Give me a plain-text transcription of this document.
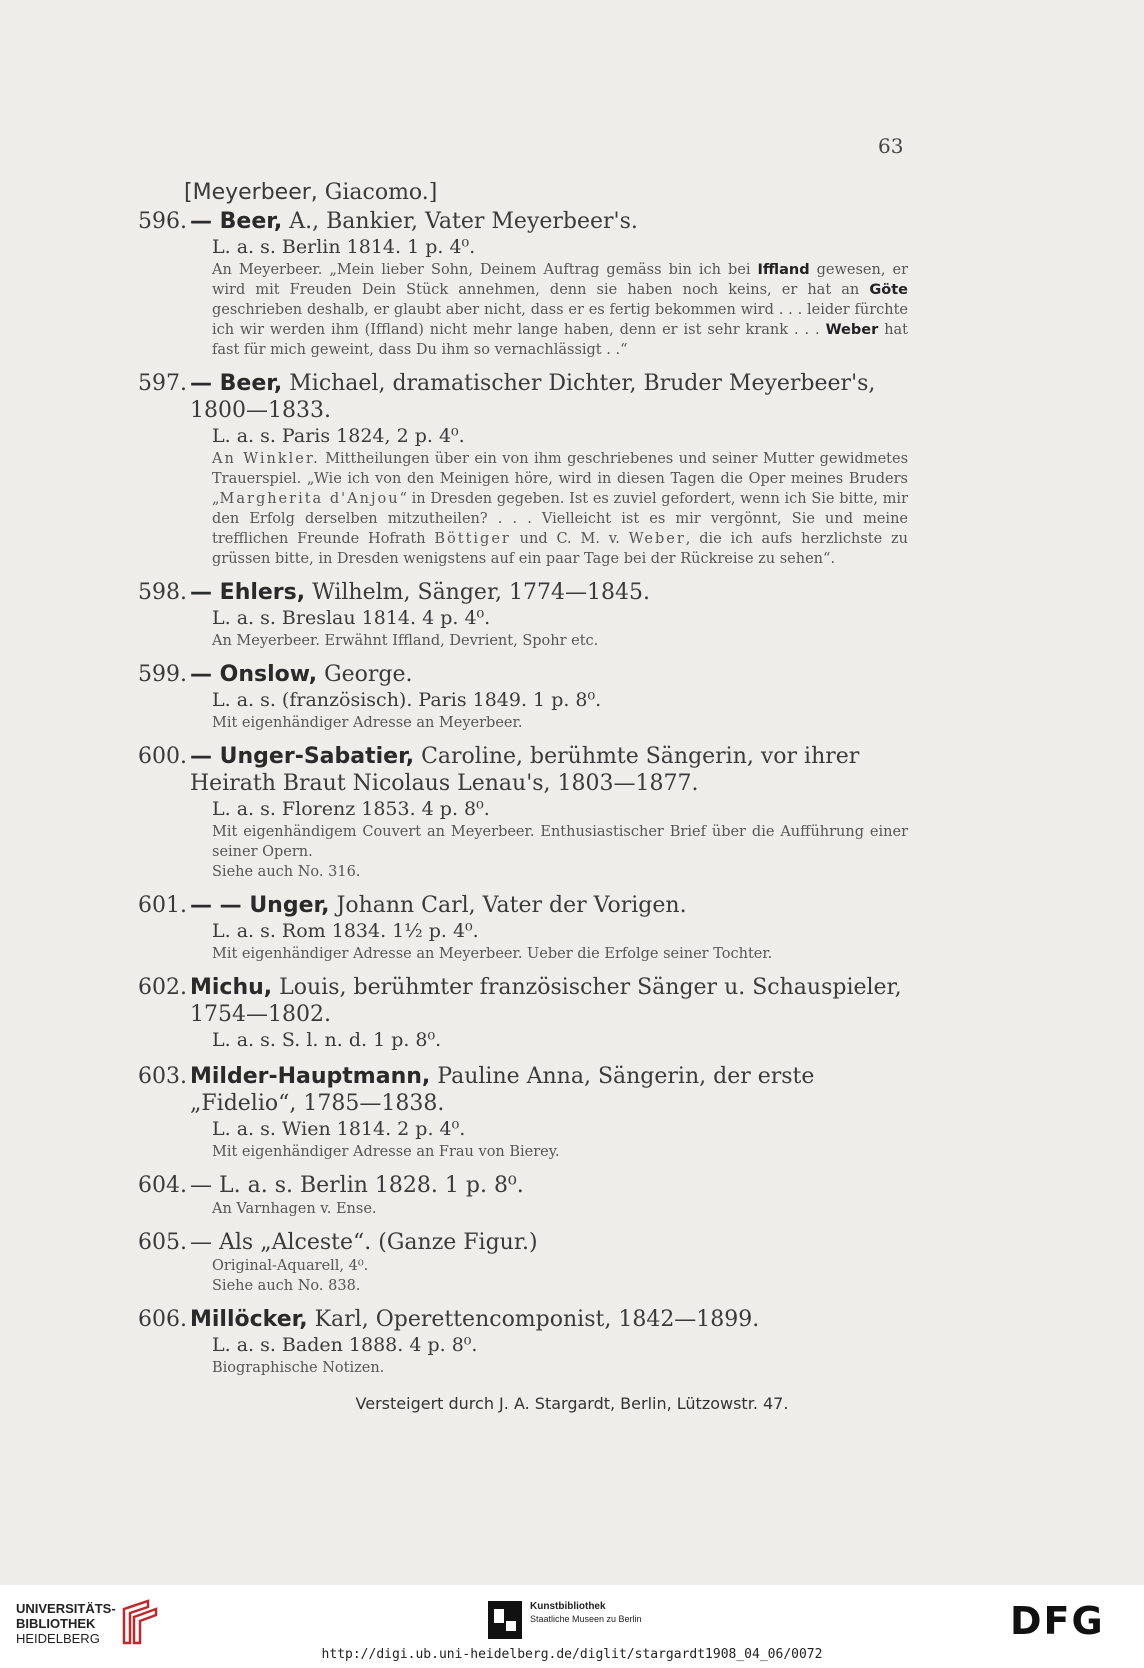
63
[Meyerbeer, Giacomo.]
596. — Beer, A., Bankier, Vater Meyerbeer's.
L. a. s. Berlin 1814. 1 p. 4⁰.
An Meyerbeer. „Mein lieber Sohn, Deinem Auftrag gemäss bin ich bei Iffland gewesen, er wird mit Freuden Dein Stück annehmen, denn sie haben noch keins, er hat an Göte geschrieben deshalb, er glaubt aber nicht, dass er es fertig bekommen wird . . . leider fürchte ich wir werden ihm (Iffland) nicht mehr lange haben, denn er ist sehr krank . . . Weber hat fast für mich geweint, dass Du ihm so vernachlässigt . .“
597. — Beer, Michael, dramatischer Dichter, Bruder Meyerbeer's, 1800—1833.
L. a. s. Paris 1824, 2 p. 4⁰.
An Winkler. Mittheilungen über ein von ihm geschriebenes und seiner Mutter gewidmetes Trauerspiel. „Wie ich von den Meinigen höre, wird in diesen Tagen die Oper meines Bruders „Margherita d'Anjou“ in Dresden gegeben. Ist es zuviel gefordert, wenn ich Sie bitte, mir den Erfolg derselben mitzutheilen? . . . Vielleicht ist es mir vergönnt, Sie und meine trefflichen Freunde Hofrath Böttiger und C. M. v. Weber, die ich aufs herzlichste zu grüssen bitte, in Dresden wenigstens auf ein paar Tage bei der Rückreise zu sehen“.
598. — Ehlers, Wilhelm, Sänger, 1774—1845.
L. a. s. Breslau 1814. 4 p. 4⁰.
An Meyerbeer. Erwähnt Iffland, Devrient, Spohr etc.
599. — Onslow, George.
L. a. s. (französisch). Paris 1849. 1 p. 8⁰.
Mit eigenhändiger Adresse an Meyerbeer.
600. — Unger-Sabatier, Caroline, berühmte Sängerin, vor ihrer Heirath Braut Nicolaus Lenau's, 1803—1877.
L. a. s. Florenz 1853. 4 p. 8⁰.
Mit eigenhändigem Couvert an Meyerbeer. Enthusiastischer Brief über die Aufführung einer seiner Opern.
Siehe auch No. 316.
601. — — Unger, Johann Carl, Vater der Vorigen.
L. a. s. Rom 1834. 1½ p. 4⁰.
Mit eigenhändiger Adresse an Meyerbeer. Ueber die Erfolge seiner Tochter.
602. Michu, Louis, berühmter französischer Sänger u. Schauspieler, 1754—1802.
L. a. s. S. l. n. d. 1 p. 8⁰.
603. Milder-Hauptmann, Pauline Anna, Sängerin, der erste „Fidelio“, 1785—1838.
L. a. s. Wien 1814. 2 p. 4⁰.
Mit eigenhändiger Adresse an Frau von Bierey.
604. — L. a. s. Berlin 1828. 1 p. 8⁰.
An Varnhagen v. Ense.
605. — Als „Alceste“. (Ganze Figur.)
Original-Aquarell, 4⁰.
Siehe auch No. 838.
606. Millöcker, Karl, Operettencomponist, 1842—1899.
L. a. s. Baden 1888. 4 p. 8⁰.
Biographische Notizen.
Versteigert durch J. A. Stargardt, Berlin, Lützowstr. 47.
UNIVERSITÄTS-
BIBLIOTHEK
HEIDELBERG
Kunstbibliothek
Staatliche Museen zu Berlin	DFG
http://digi.ub.uni-heidelberg.de/diglit/stargardt1908_04_06/0072
